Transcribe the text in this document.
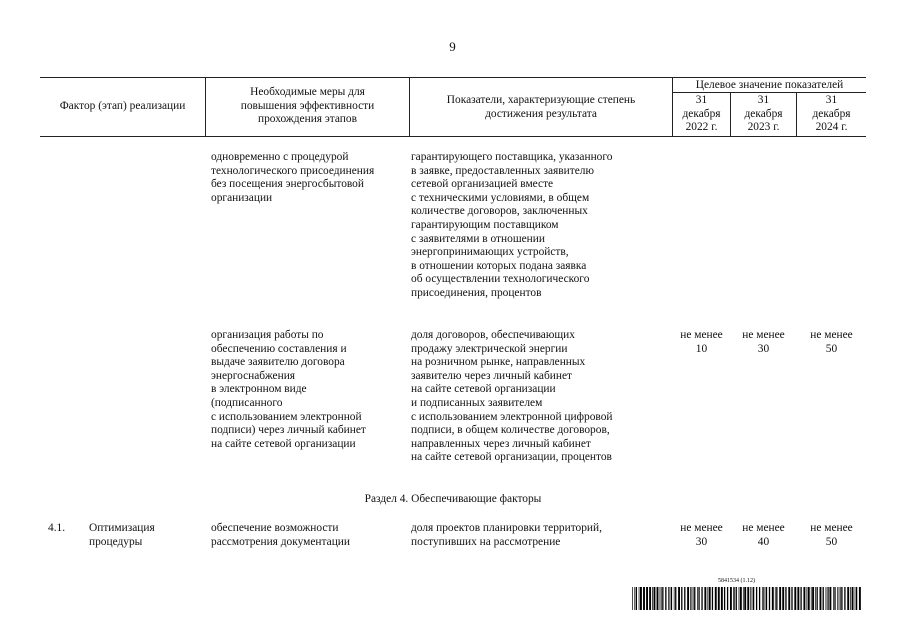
9
Фактор (этап) реализации
Необходимые меры для
повышения эффективности
прохождения этапов
Показатели, характеризующие степень
достижения результата
Целевое значение показателей
31
декабря
2022 г.
31
декабря
2023 г.
31
декабря
2024 г.
одновременно с процедурой
технологического присоединения
без посещения энергосбытовой
организации
гарантирующего поставщика, указанного
в заявке, предоставленных заявителю
сетевой организацией вместе
с техническими условиями, в общем
количестве договоров, заключенных
гарантирующим поставщиком
с заявителями в отношении
энергопринимающих устройств,
в отношении которых подана заявка
об осуществлении технологического
присоединения, процентов
организация работы по
обеспечению составления и
выдаче заявителю договора
энергоснабжения
в электронном виде
(подписанного
с использованием электронной
подписи) через личный кабинет
на сайте сетевой организации
доля договоров, обеспечивающих
продажу электрической энергии
на розничном рынке, направленных
заявителю через личный кабинет
на сайте сетевой организации
и подписанных заявителем
с использованием электронной цифровой
подписи, в общем количестве договоров,
направленных через личный кабинет
на сайте сетевой организации, процентов
не менее
10
не менее
30
не менее
50
Раздел 4. Обеспечивающие факторы
4.1. Оптимизация
процедуры
обеспечение возможности
рассмотрения документации
доля проектов планировки территорий,
поступивших на рассмотрение
не менее
30
не менее
40
не менее
50
5841534 (1.12)
